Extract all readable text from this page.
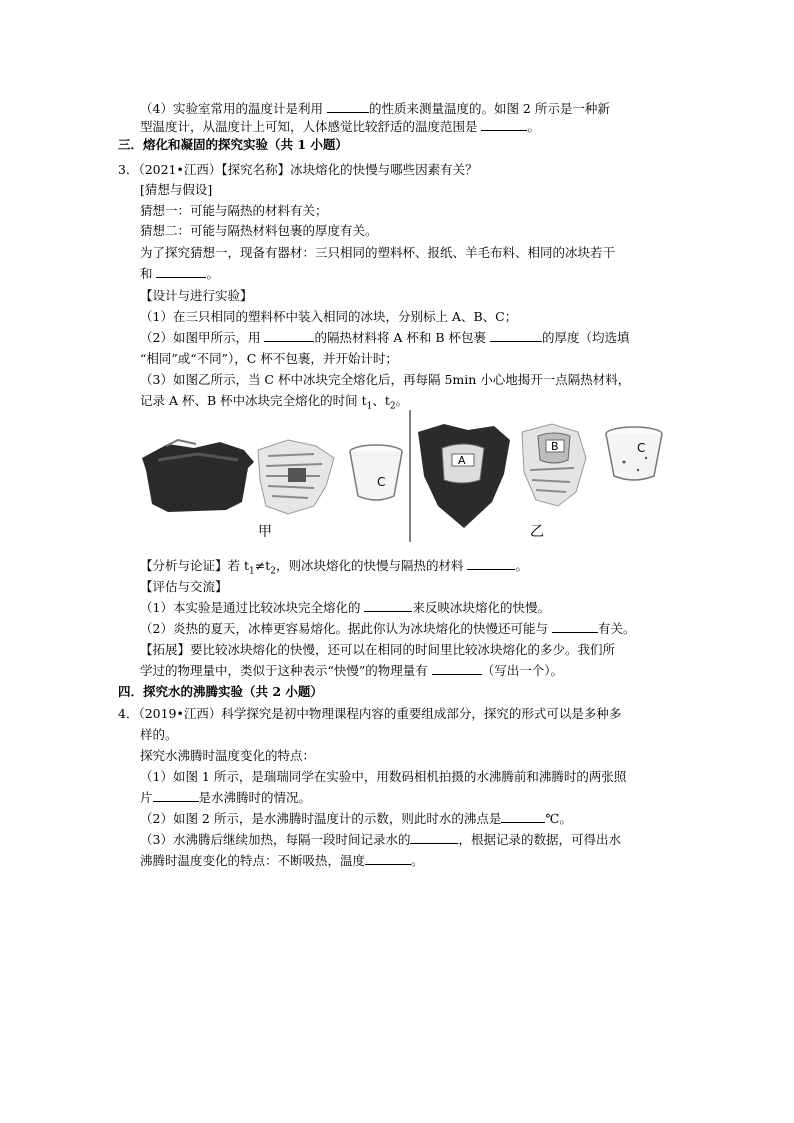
（4）实验室常用的温度计是利用	的性质来测量温度的。如图 2 所示是一种新
型温度计，从温度计上可知，人体感觉比较舒适的温度范围是	。
三．熔化和凝固的探究实验（共 1 小题）
3．（2021•江西）【探究名称】冰块熔化的快慢与哪些因素有关？
[猜想与假设]
猜想一：可能与隔热的材料有关；
猜想二：可能与隔热材料包裹的厚度有关。
为了探究猜想一，现备有器材：三只相同的塑料杯、报纸、羊毛布料、相同的冰块若干
和	。
【设计与进行实验】
（1）在三只相同的塑料杯中装入相同的冰块，分别标上 A、B、C；
（2）如图甲所示，用	的隔热材料将 A 杯和 B 杯包裹	的厚度（均选填
“相同”或“不同”），C 杯不包裹，并开始计时；
（3）如图乙所示，当 C 杯中冰块完全熔化后，再每隔 5min 小心地揭开一点隔热材料，
记录 A 杯、B 杯中冰块完全熔化的时间 $t_1$、$t_2$。
C
甲
A
B	C
乙
【分析与论证】若 $t_1\ne t_2$，则冰块熔化的快慢与隔热的材料	。
【评估与交流】
（1）本实验是通过比较冰块完全熔化的	来反映冰块熔化的快慢。
（2）炎热的夏天，冰棒更容易熔化。据此你认为冰块熔化的快慢还可能与	有关。
【拓展】要比较冰块熔化的快慢，还可以在相同的时间里比较冰块熔化的多少。我们所
学过的物理量中，类似于这种表示“快慢”的物理量有	（写出一个）。
四．探究水的沸腾实验（共 2 小题）
4．（2019•江西）科学探究是初中物理课程内容的重要组成部分，探究的形式可以是多种多
样的。
探究水沸腾时温度变化的特点：
（1）如图 1 所示，是瑞瑞同学在实验中，用数码相机拍摄的水沸腾前和沸腾时的两张照
片	是水沸腾时的情况。
（2）如图 2 所示，是水沸腾时温度计的示数，则此时水的沸点是	℃。
（3）水沸腾后继续加热，每隔一段时间记录水的	，根据记录的数据，可得出水
沸腾时温度变化的特点：不断吸热，温度	。
